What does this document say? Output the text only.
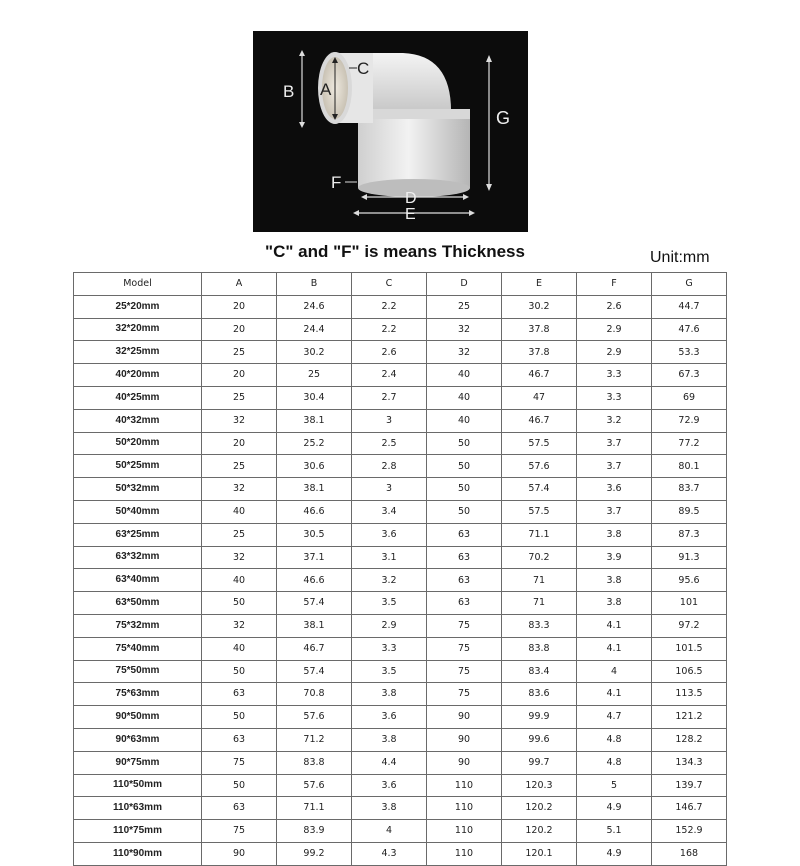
A
B
C
G
F
D
E
"C" and "F" is means Thickness	Unit:mm
Model	A	B	C	D	E	F	G
25*20mm	20	24.6	2.2	25	30.2	2.6	44.7
32*20mm	20	24.4	2.2	32	37.8	2.9	47.6
32*25mm	25	30.2	2.6	32	37.8	2.9	53.3
40*20mm	20	25	2.4	40	46.7	3.3	67.3
40*25mm	25	30.4	2.7	40	47	3.3	69
40*32mm	32	38.1	3	40	46.7	3.2	72.9
50*20mm	20	25.2	2.5	50	57.5	3.7	77.2
50*25mm	25	30.6	2.8	50	57.6	3.7	80.1
50*32mm	32	38.1	3	50	57.4	3.6	83.7
50*40mm	40	46.6	3.4	50	57.5	3.7	89.5
63*25mm	25	30.5	3.6	63	71.1	3.8	87.3
63*32mm	32	37.1	3.1	63	70.2	3.9	91.3
63*40mm	40	46.6	3.2	63	71	3.8	95.6
63*50mm	50	57.4	3.5	63	71	3.8	101
75*32mm	32	38.1	2.9	75	83.3	4.1	97.2
75*40mm	40	46.7	3.3	75	83.8	4.1	101.5
75*50mm	50	57.4	3.5	75	83.4	4	106.5
75*63mm	63	70.8	3.8	75	83.6	4.1	113.5
90*50mm	50	57.6	3.6	90	99.9	4.7	121.2
90*63mm	63	71.2	3.8	90	99.6	4.8	128.2
90*75mm	75	83.8	4.4	90	99.7	4.8	134.3
110*50mm	50	57.6	3.6	110	120.3	5	139.7
110*63mm	63	71.1	3.8	110	120.2	4.9	146.7
110*75mm	75	83.9	4	110	120.2	5.1	152.9
110*90mm	90	99.2	4.3	110	120.1	4.9	168
